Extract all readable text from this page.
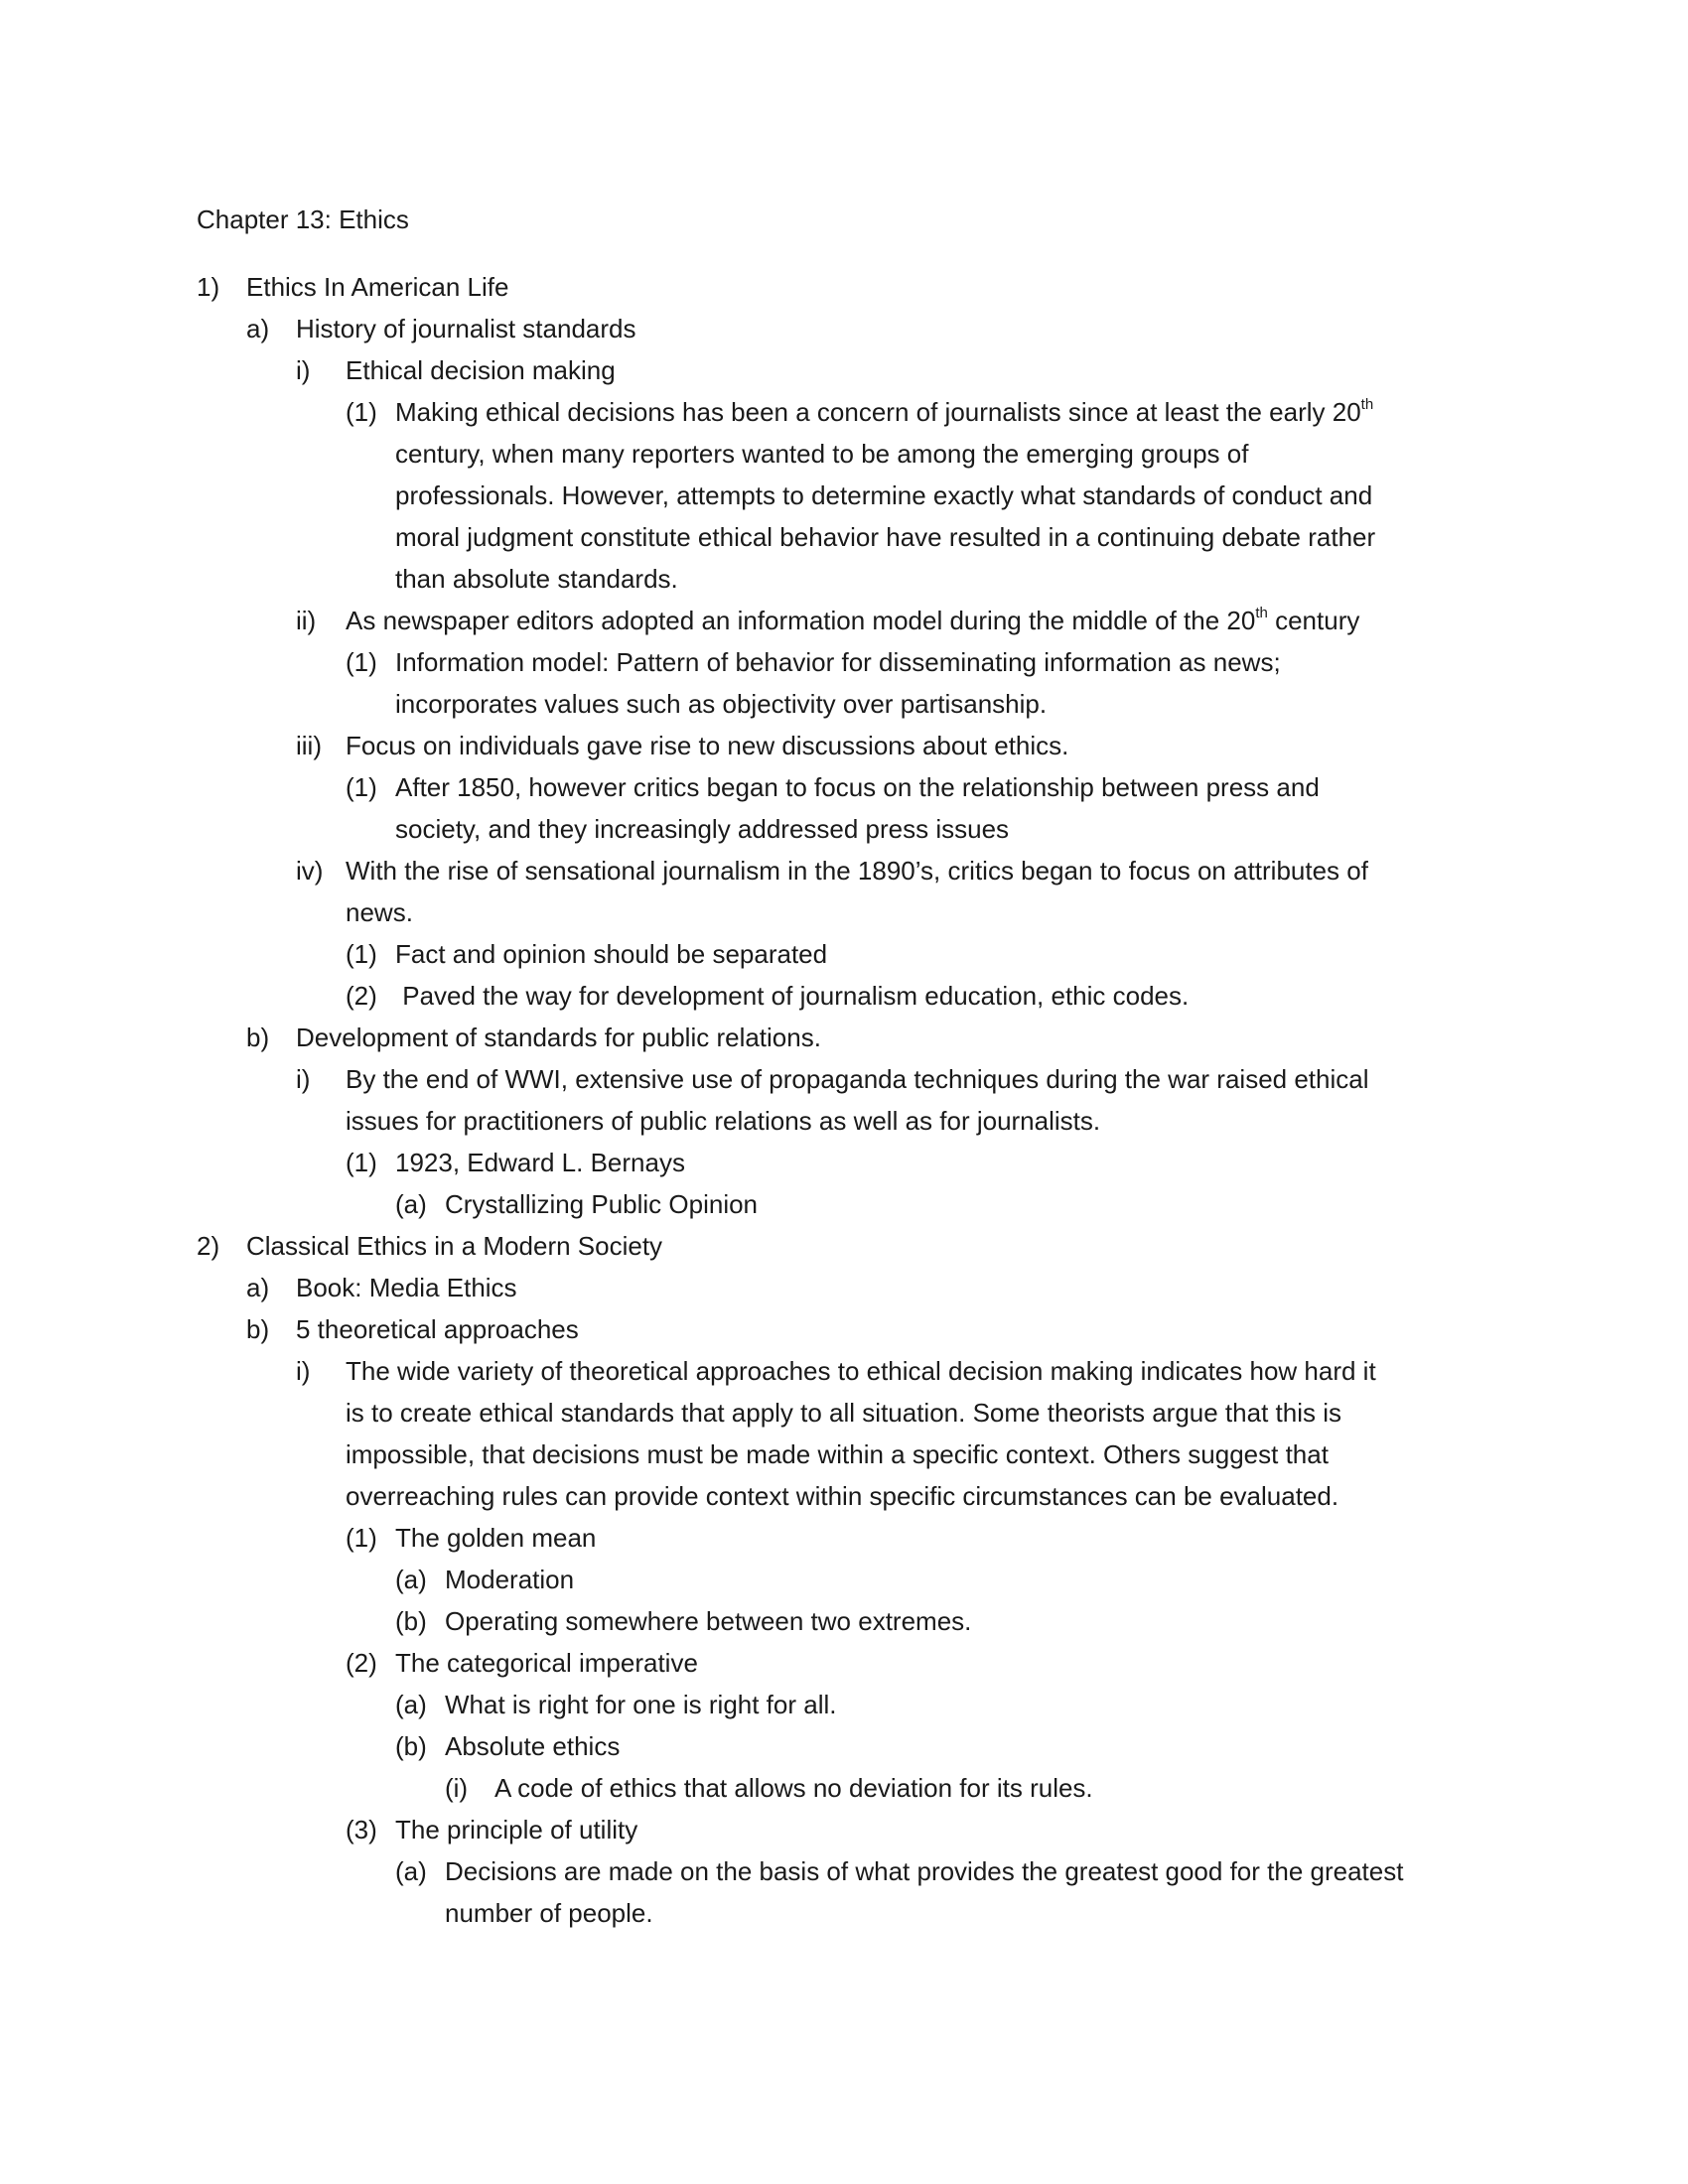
Chapter 13: Ethics
1) Ethics In American Life
a) History of journalist standards
i) Ethical decision making
(1) Making ethical decisions has been a concern of journalists since at least the early 20th
century, when many reporters wanted to be among the emerging groups of
professionals. However, attempts to determine exactly what standards of conduct and
moral judgment constitute ethical behavior have resulted in a continuing debate rather
than absolute standards.
ii) As newspaper editors adopted an information model during the middle of the 20th century
(1) Information model: Pattern of behavior for disseminating information as news;
incorporates values such as objectivity over partisanship.
iii) Focus on individuals gave rise to new discussions about ethics.
(1) After 1850, however critics began to focus on the relationship between press and
society, and they increasingly addressed press issues
iv) With the rise of sensational journalism in the 1890’s, critics began to focus on attributes of
news.
(1) Fact and opinion should be separated
(2) Paved the way for development of journalism education, ethic codes.
b) Development of standards for public relations.
i) By the end of WWI, extensive use of propaganda techniques during the war raised ethical
issues for practitioners of public relations as well as for journalists.
(1) 1923, Edward L. Bernays
(a) Crystallizing Public Opinion
2) Classical Ethics in a Modern Society
a) Book: Media Ethics
b) 5 theoretical approaches
i) The wide variety of theoretical approaches to ethical decision making indicates how hard it
is to create ethical standards that apply to all situation. Some theorists argue that this is
impossible, that decisions must be made within a specific context. Others suggest that
overreaching rules can provide context within specific circumstances can be evaluated.
(1) The golden mean
(a) Moderation
(b) Operating somewhere between two extremes.
(2) The categorical imperative
(a) What is right for one is right for all.
(b) Absolute ethics
(i) A code of ethics that allows no deviation for its rules.
(3) The principle of utility
(a) Decisions are made on the basis of what provides the greatest good for the greatest
number of people.
